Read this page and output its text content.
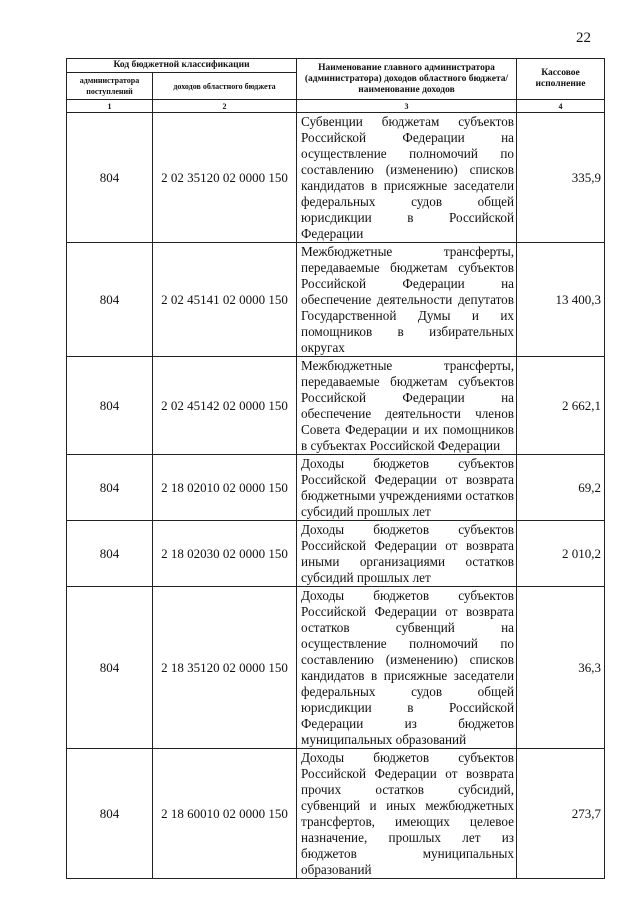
22
Код бюджетной классификации		Наименование главного администратора (администратора) доходов областного бюджета/ наименование доходов	Кассовое исполнение
администратора поступлений	доходов областного бюджета		
1	2	3	4
804	2 02 35120 02 0000 150	Субвенции бюджетам субъектов Российской Федерации на осуществление полномочий по составлению (изменению) списков кандидатов в присяжные заседатели федеральных судов общей юрисдикции в Российской Федерации	335,9
804	2 02 45141 02 0000 150	Межбюджетные трансферты, передаваемые бюджетам субъектов Российской Федерации на обеспечение деятельности депутатов Государственной Думы и их помощников в избирательных округах	13 400,3
804	2 02 45142 02 0000 150	Межбюджетные трансферты, передаваемые бюджетам субъектов Российской Федерации на обеспечение деятельности членов Совета Федерации и их помощников в субъектах Российской Федерации	2 662,1
804	2 18 02010 02 0000 150	Доходы бюджетов субъектов Российской Федерации от возврата бюджетными учреждениями остатков субсидий прошлых лет	69,2
804	2 18 02030 02 0000 150	Доходы бюджетов субъектов Российской Федерации от возврата иными организациями остатков субсидий прошлых лет	2 010,2
804	2 18 35120 02 0000 150	Доходы бюджетов субъектов Российской Федерации от возврата остатков субвенций на осуществление полномочий по составлению (изменению) списков кандидатов в присяжные заседатели федеральных судов общей юрисдикции в Российской Федерации из бюджетов муниципальных образований	36,3
804	2 18 60010 02 0000 150	Доходы бюджетов субъектов Российской Федерации от возврата прочих остатков субсидий, субвенций и иных межбюджетных трансфертов, имеющих целевое назначение, прошлых лет из бюджетов муниципальных образований	273,7
